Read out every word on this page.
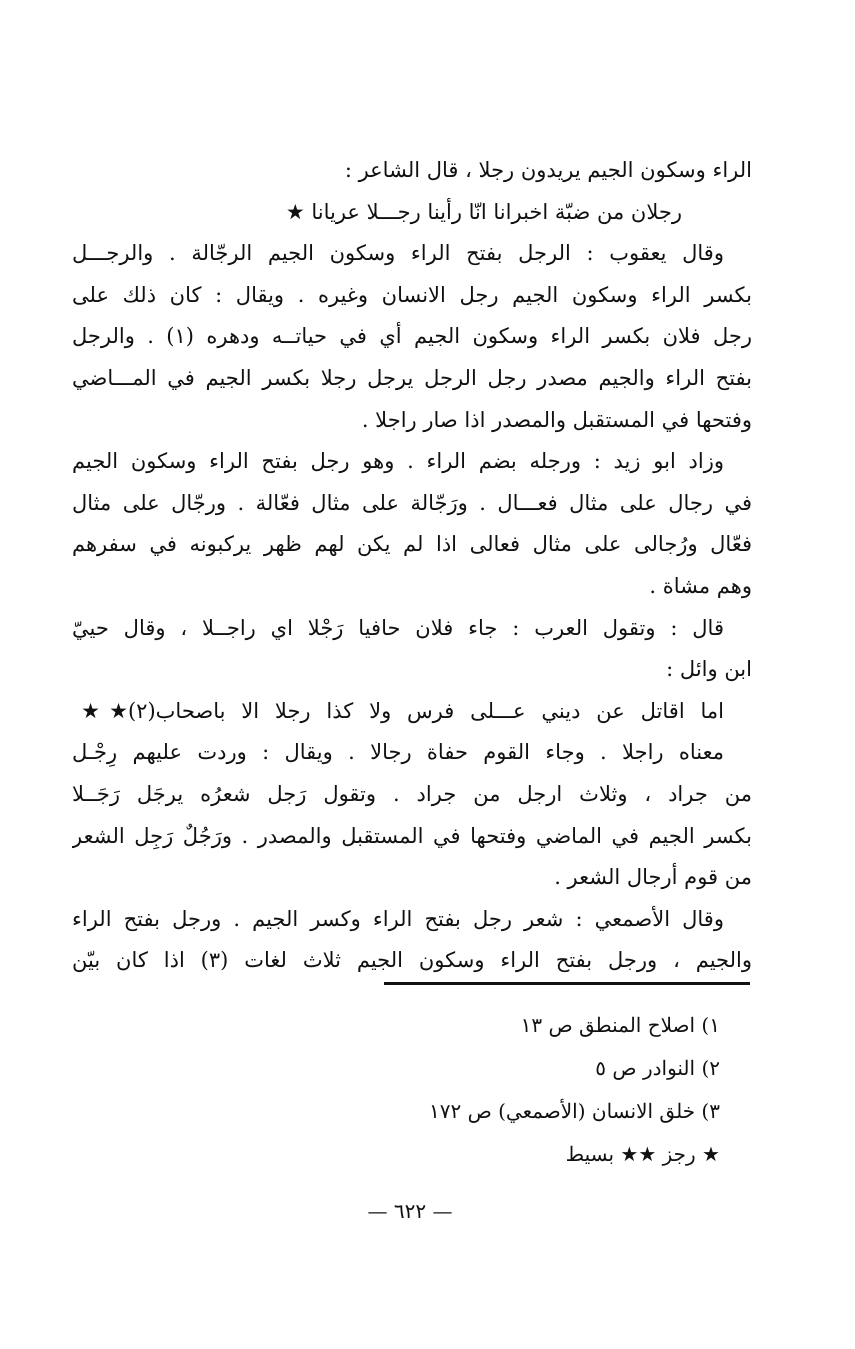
الراء وسكون الجيم يريدون رجلا ، قال الشاعر :
رجلان من ضبّة اخبرانا انّا رأينا رجـــلا عريانا ★
وقال يعقوب : الرجل بفتح الراء وسكون الجيم الرجّالة . والرجـــل
بكسر الراء وسكون الجيم رجل الانسان وغيره . ويقال : كان ذلك على
رجل فلان بكسر الراء وسكون الجيم أي في حياتــه ودهره (١) . والرجل
بفتح الراء والجيم مصدر رجل الرجل يرجل رجلا بكسر الجيم في المـــاضي
وفتحها في المستقبل والمصدر اذا صار راجلا .
وزاد ابو زيد : ورجله بضم الراء . وهو رجل بفتح الراء وسكون الجيم
في رجال على مثال فعـــال . ورَجّالة على مثال فعّالة . ورجّال على مثال
فعّال ورُجالى على مثال فعالى اذا لم يكن لهم ظهر يركبونه في سفرهم
وهم مشاة .
قال : وتقول العرب : جاء فلان حافيا رَجْلا اي راجــلا ، وقال حييّ
ابن وائل :
اما اقاتل عن ديني عـــلى فرس ولا كذا رجلا الا باصحاب(٢)★★
معناه راجلا . وجاء القوم حفاة رجالا . ويقال : وردت عليهم رِجْـل
من جراد ، وثلاث ارجل من جراد . وتقول رَجل شعرُه يرجَل رَجَــلا
بكسر الجيم في الماضي وفتحها في المستقبل والمصدر . ورَجُلٌ رَجِل الشعر
من قوم أرجال الشعر .
وقال الأصمعي : شعر رجل بفتح الراء وكسر الجيم . ورجل بفتح الراء
والجيم ، ورجل بفتح الراء وسكون الجيم ثلاث لغات (٣) اذا كان بيّن
١) اصلاح المنطق ص ١٣
٢) النوادر ص ٥
٣) خلق الانسان (الأصمعي) ص ١٧٢
★ رجز ★★ بسيط
— ٦٢٢ —
